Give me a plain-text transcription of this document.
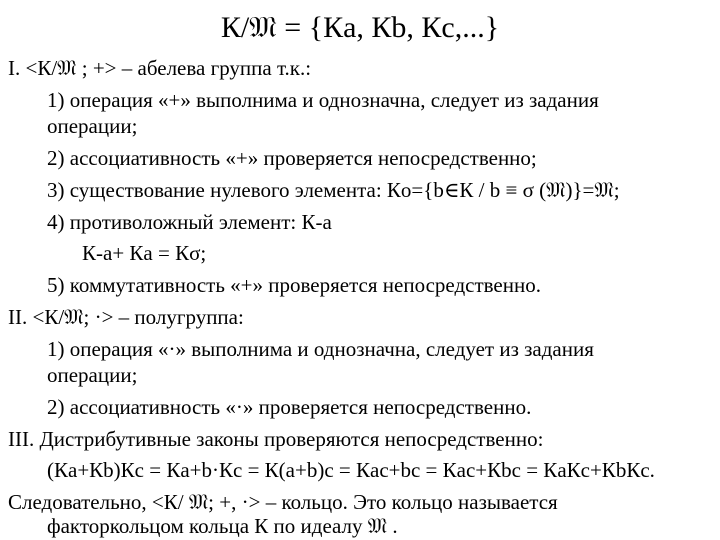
К/𝔐 = {Кa, Кb, Кc,...}
I. <К/𝔐 ; +> – абелева группа т.к.:
1) операция «+» выполнима и однозначна, следует из задания
операции;
2) ассоциативность «+» проверяется непосредственно;
3) существование нулевого элемента: Кo={b∈К / b ≡ σ (𝔐)}=𝔐;
4) противоложный элемент: К-a
К-a+ Кa = Кσ;
5) коммутативность «+» проверяется непосредственно.
II. <К/𝔐; ·> – полугруппа:
1) операция «·» выполнима и однозначна, следует из задания
операции;
2) ассоциативность «·» проверяется непосредственно.
III. Дистрибутивные законы проверяются непосредственно:
(Кa+Кb)Кc = Кa+b·Кc = К(a+b)c = Кac+bc = Кac+Кbc = КaКc+КbКc.
Следовательно, <К/ 𝔐; +, ·> – кольцо. Это кольцо называется
факторкольцом кольца К по идеалу 𝔐 .
